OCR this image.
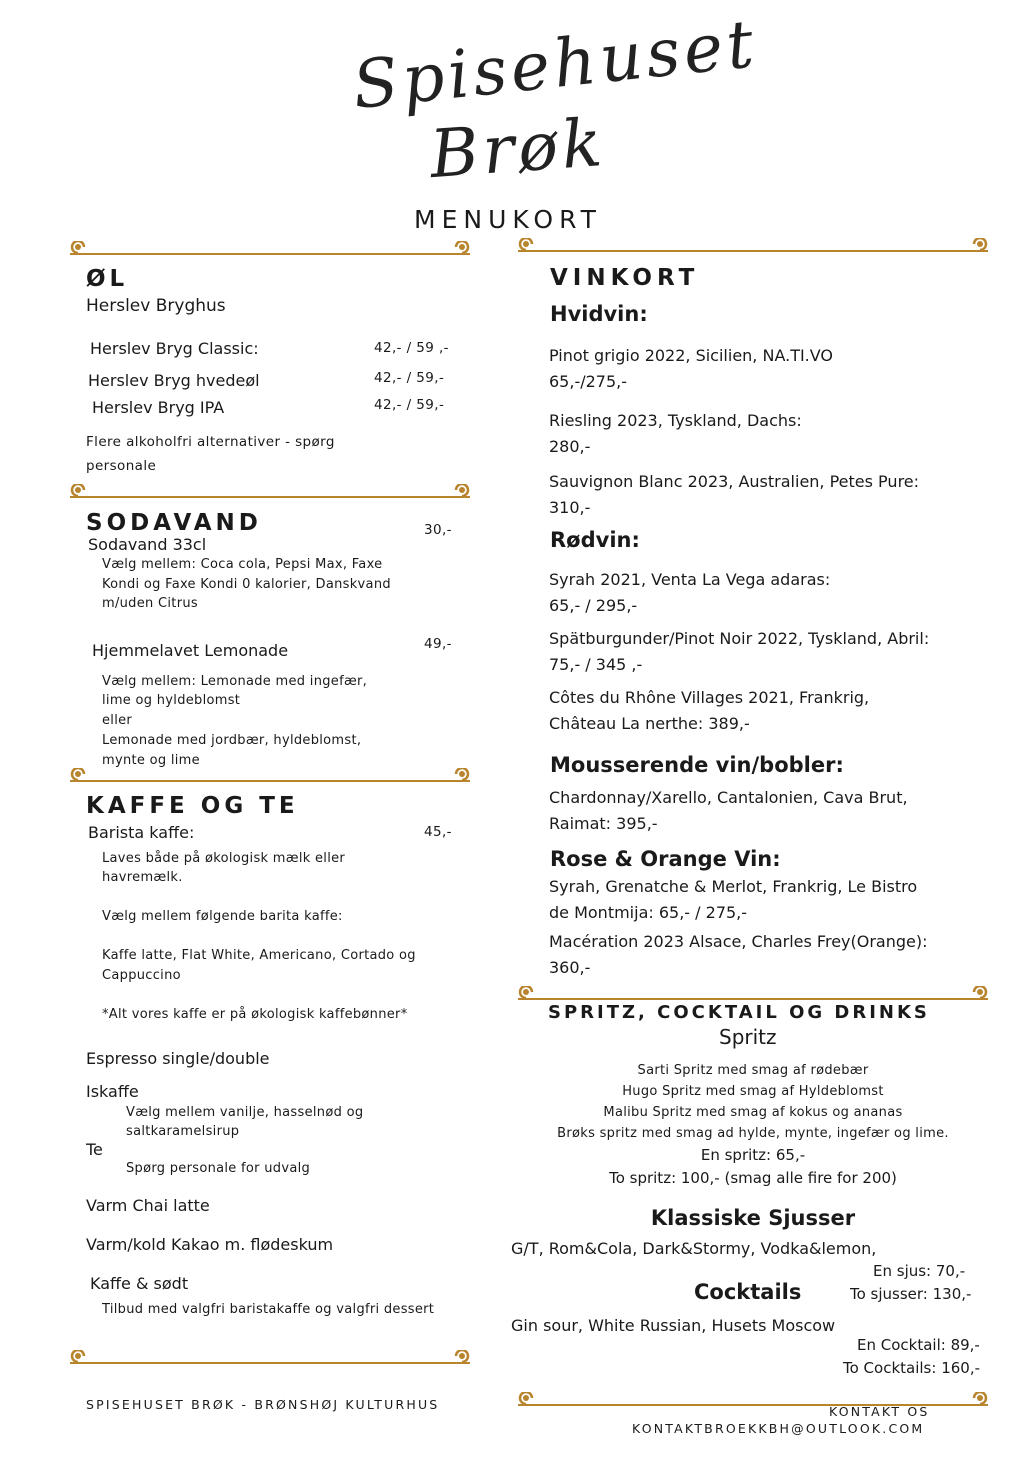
Spisehuset
Brøk
MENUKORT
ØL
Herslev Bryghus
Herslev Bryg Classic:	42,- / 59 ,-
Herslev Bryg hvedeøl	42,- / 59,-
Herslev Bryg IPA	42,- / 59,-
Flere alkoholfri alternativer - spørg
personale
SODAVAND	30,-
Sodavand 33cl
Vælg mellem: Coca cola, Pepsi Max, Faxe
Kondi og Faxe Kondi 0 kalorier, Danskvand
m/uden Citrus
Hjemmelavet Lemonade	49,-
Vælg mellem: Lemonade med ingefær,
lime og hyldeblomst
eller
Lemonade med jordbær, hyldeblomst,
mynte og lime
KAFFE OG TE
Barista kaffe:	45,-
Laves både på økologisk mælk eller
havremælk.
Vælg mellem følgende barita kaffe:
Kaffe latte, Flat White, Americano, Cortado og
Cappuccino
*Alt vores kaffe er på økologisk kaffebønner*
Espresso single/double
Iskaffe
Vælg mellem vanilje, hasselnød og
saltkaramelsirup
Te
Spørg personale for udvalg
Varm Chai latte
Varm/kold Kakao m. flødeskum
Kaffe & sødt
Tilbud med valgfri baristakaffe og valgfri dessert
SPISEHUSET BRØK - BRØNSHØJ KULTURHUS
VINKORT
Hvidvin:
Pinot grigio 2022, Sicilien, NA.TI.VO
65,-/275,-
Riesling 2023, Tyskland, Dachs:
280,-
Sauvignon Blanc 2023, Australien, Petes Pure:
310,-
Rødvin:
Syrah 2021, Venta La Vega adaras:
65,- / 295,-
Spätburgunder/Pinot Noir 2022, Tyskland, Abril:
75,- / 345 ,-
Côtes du Rhône Villages 2021, Frankrig,
Château La nerthe: 389,-
Mousserende vin/bobler:
Chardonnay/Xarello, Cantalonien, Cava Brut,
Raimat: 395,-
Rose & Orange Vin:
Syrah, Grenatche & Merlot, Frankrig, Le Bistro
de Montmija: 65,- / 275,-
Macération 2023 Alsace, Charles Frey(Orange):
360,-
SPRITZ, COCKTAIL OG DRINKS
Spritz
Sarti Spritz med smag af rødebær
Hugo Spritz med smag af Hyldeblomst
Malibu Spritz med smag af kokus og ananas
Brøks spritz med smag ad hylde, mynte, ingefær og lime.
En spritz: 65,-
To spritz: 100,- (smag alle fire for 200)
Klassiske Sjusser
G/T, Rom&Cola, Dark&Stormy, Vodka&lemon,
En sjus: 70,-
To sjusser: 130,-
Cocktails
Gin sour, White Russian, Husets Moscow
En Cocktail: 89,-
To Cocktails: 160,-
KONTAKT OS
KONTAKTBROEKKBH@OUTLOOK.COM
